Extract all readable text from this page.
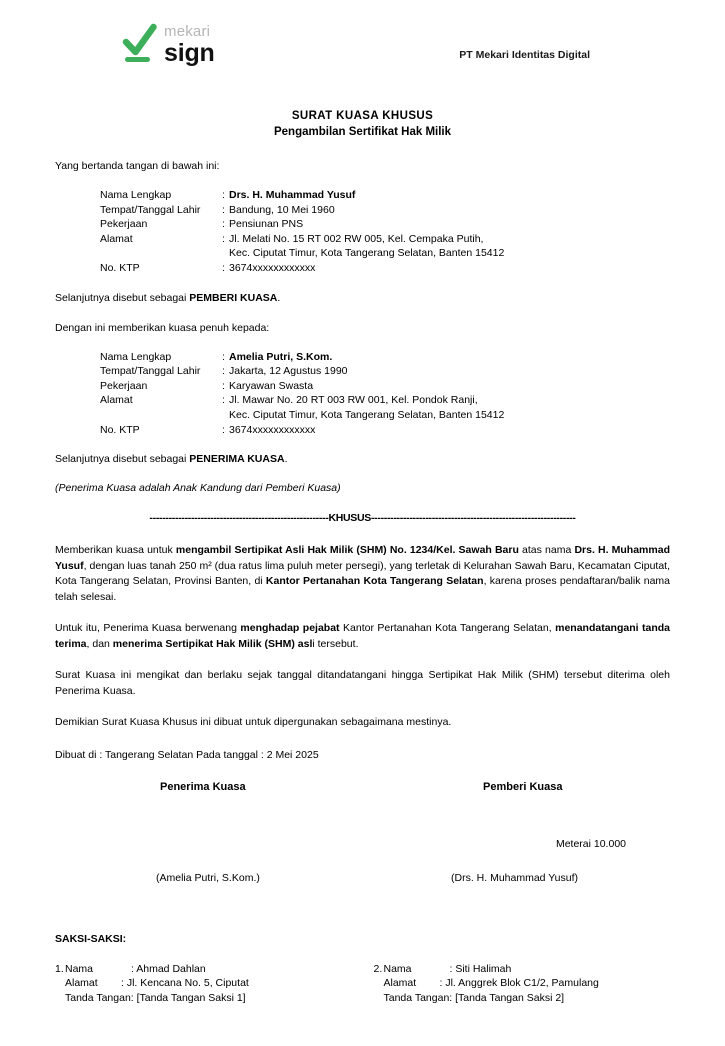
mekari
sign	PT Mekari Identitas Digital
SURAT KUASA KHUSUS
Pengambilan Sertifikat Hak Milik
Yang bertanda tangan di bawah ini:
Nama Lengkap	: Drs. H. Muhammad Yusuf
Tempat/Tanggal Lahir	: Bandung, 10 Mei 1960
Pekerjaan	: Pensiunan PNS
Alamat	: Jl. Melati No. 15 RT 002 RW 005, Kel. Cempaka Putih,
Kec. Ciputat Timur, Kota Tangerang Selatan, Banten 15412
No. KTP	: 3674xxxxxxxxxxxx
Selanjutnya disebut sebagai PEMBERI KUASA.
Dengan ini memberikan kuasa penuh kepada:
Nama Lengkap	: Amelia Putri, S.Kom.
Tempat/Tanggal Lahir	: Jakarta, 12 Agustus 1990
Pekerjaan	: Karyawan Swasta
Alamat	: Jl. Mawar No. 20 RT 003 RW 001, Kel. Pondok Ranji,
Kec. Ciputat Timur, Kota Tangerang Selatan, Banten 15412
No. KTP	: 3674xxxxxxxxxxxx
Selanjutnya disebut sebagai PENERIMA KUASA.
(Penerima Kuasa adalah Anak Kandung dari Pemberi Kuasa)
--------------------------------------------------------KHUSUS----------------------------------------------------------------
Memberikan kuasa untuk mengambil Sertipikat Asli Hak Milik (SHM) No. 1234/Kel. Sawah Baru atas nama Drs. H. Muhammad Yusuf, dengan luas tanah 250 m² (dua ratus lima puluh meter persegi), yang terletak di Kelurahan Sawah Baru, Kecamatan Ciputat, Kota Tangerang Selatan, Provinsi Banten, di Kantor Pertanahan Kota Tangerang Selatan, karena proses pendaftaran/balik nama telah selesai.
Untuk itu, Penerima Kuasa berwenang menghadap pejabat Kantor Pertanahan Kota Tangerang Selatan, menandatangani tanda terima, dan menerima Sertipikat Hak Milik (SHM) asli tersebut.
Surat Kuasa ini mengikat dan berlaku sejak tanggal ditandatangani hingga Sertipikat Hak Milik (SHM) tersebut diterima oleh Penerima Kuasa.
Demikian Surat Kuasa Khusus ini dibuat untuk dipergunakan sebagaimana mestinya.
Dibuat di : Tangerang Selatan Pada tanggal : 2 Mei 2025
Penerima Kuasa	Pemberi Kuasa
Meterai 10.000
(Amelia Putri, S.Kom.)	(Drs. H. Muhammad Yusuf)
SAKSI-SAKSI:
1. Nama	: Ahmad Dahlan
Alamat	: Jl. Kencana No. 5, Ciputat
Tanda Tangan: [Tanda Tangan Saksi 1]
2. Nama	: Siti Halimah
Alamat	: Jl. Anggrek Blok C1/2, Pamulang
Tanda Tangan: [Tanda Tangan Saksi 2]
